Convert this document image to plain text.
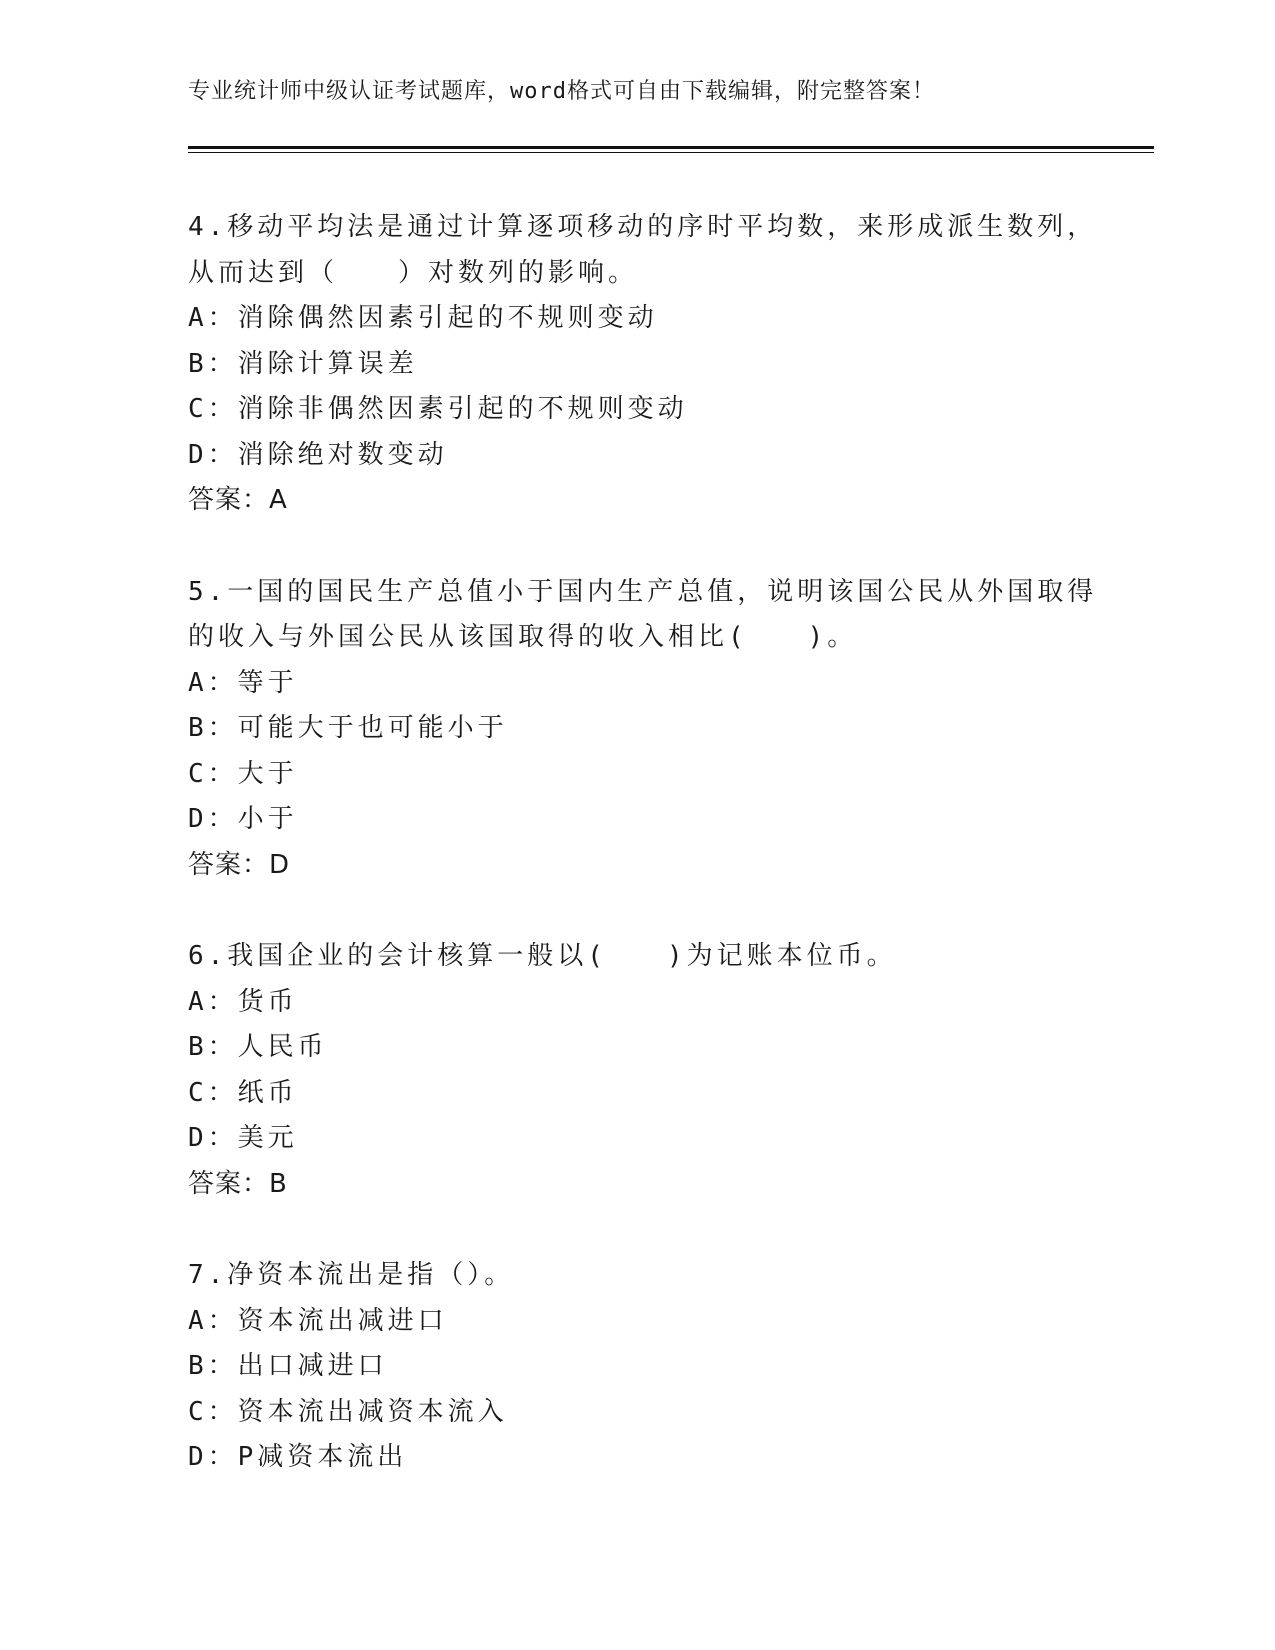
专业统计师中级认证考试题库，word格式可自由下载编辑，附完整答案！
4.移动平均法是通过计算逐项移动的序时平均数，来形成派生数列，
从而达到（　　）对数列的影响。
A：消除偶然因素引起的不规则变动
B：消除计算误差
C：消除非偶然因素引起的不规则变动
D：消除绝对数变动
答案：A
5.一国的国民生产总值小于国内生产总值，说明该国公民从外国取得
的收入与外国公民从该国取得的收入相比(　　)。
A：等于
B：可能大于也可能小于
C：大于
D：小于
答案：D
6.我国企业的会计核算一般以(　　)为记账本位币。
A：货币
B：人民币
C：纸币
D：美元
答案：B
7.净资本流出是指（）。
A：资本流出减进口
B：出口减进口
C：资本流出减资本流入
D：P减资本流出
